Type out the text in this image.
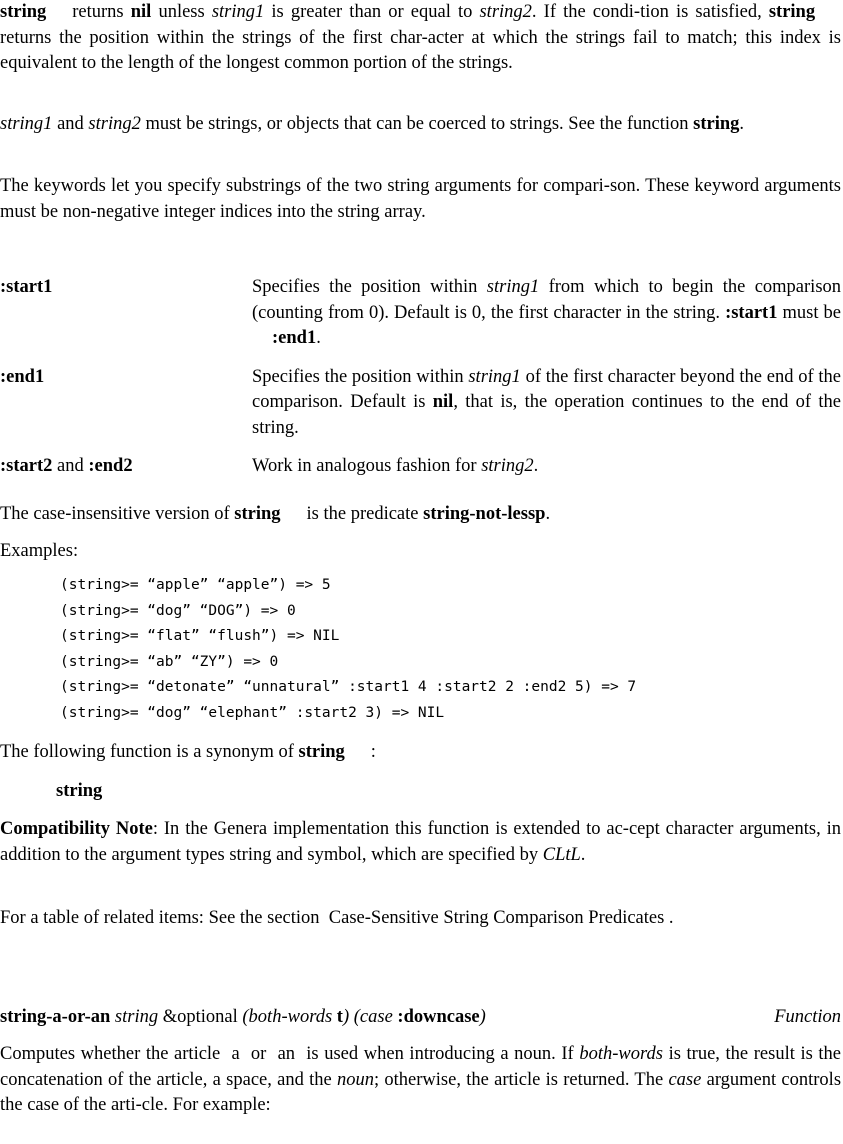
string returns nil unless string1 is greater than or equal to string2. If the condi-tion is satisfied, stringreturns the position within the strings of the first char-acter at which the strings fail to match; this index is equivalent to the length of the longest common portion of the strings.

string1 and string2 must be strings, or objects that can be coerced to strings. See the function string.

The keywords let you specify substrings of the two string arguments for compari-son. These keyword arguments must be non-negative integer indices into the string array.

:start1	Specifies the position within string1 from which to begin the comparison (counting from 0). Default is 0, the first character in the string. :start1 must be:end1.
:end1	Specifies the position within string1 of the first character beyond the end of the comparison. Default is nil, that is, the operation continues to the end of the string.
:start2 and :end2	Work in analogous fashion for string2.

The case-insensitive version of string is the predicate string-not-lessp.

Examples:

(string>= “apple” “apple”) => 5
(string>= “dog” “DOG”) => 0
(string>= “flat” “flush”) => NIL
(string>= “ab” “ZY”) => 0
(string>= “detonate” “unnatural” :start1 4 :start2 2 :end2 5) => 7
(string>= “dog” “elephant” :start2 3) => NIL

The following function is a synonym of string :

string

Compatibility Note: In the Genera implementation this function is extended to ac-cept character arguments, in addition to the argument types string and symbol, which are specified by CLtL.

For a table of related items: See the section  Case-Sensitive String Comparison Predicates .

string-a-or-an string &optional (both-words t) (case :downcase)	Function

Computes whether the article  a  or  an  is used when introducing a noun. If both-words is true, the result is the concatenation of the article, a space, and the noun; otherwise, the article is returned. The case argument controls the case of the arti-cle. For example:
